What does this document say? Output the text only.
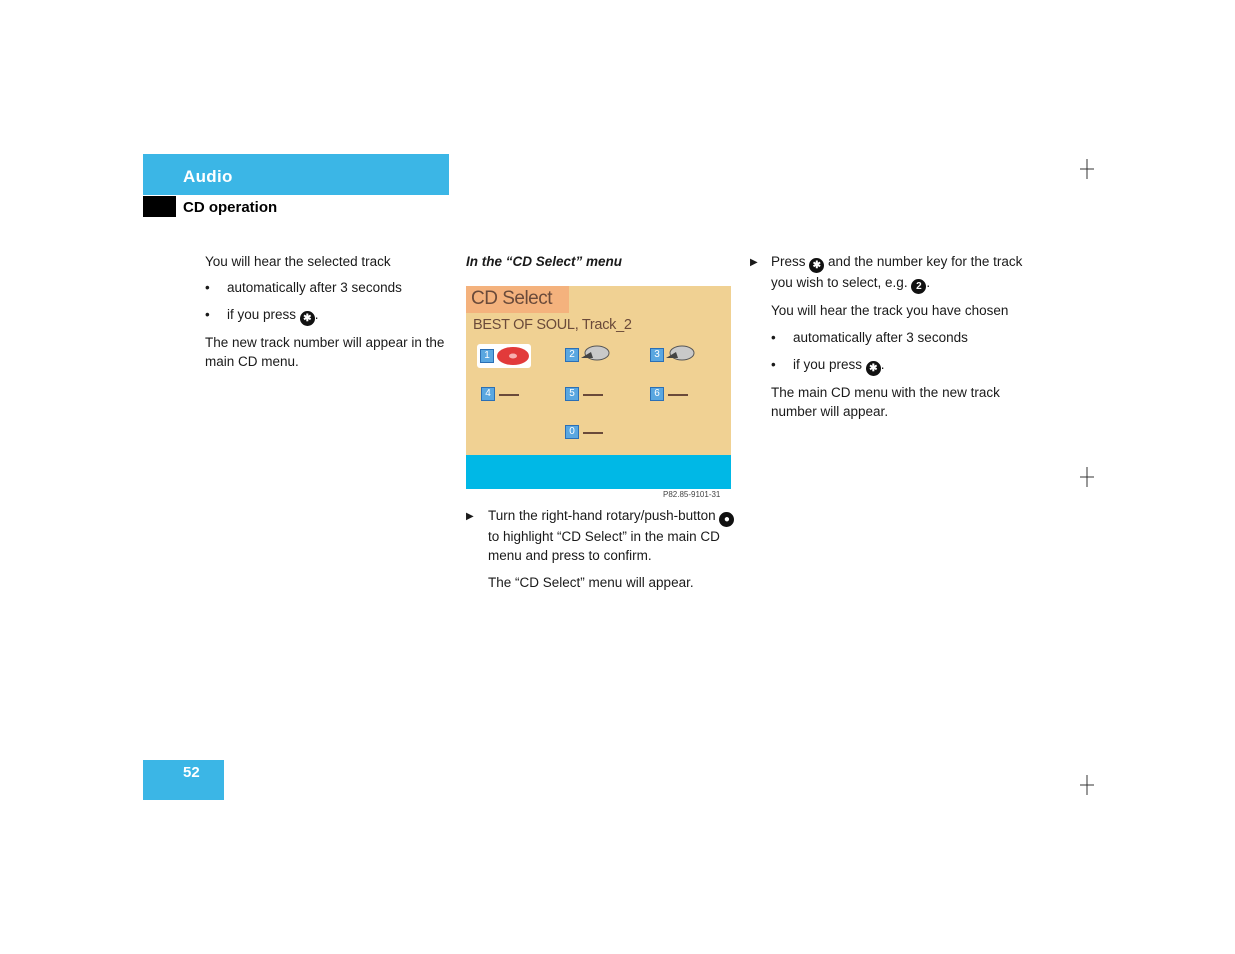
Audio
CD operation
You will hear the selected track
• automatically after 3 seconds
• if you press ✱ .
The new track number will appear in the main CD menu.
In the “CD Select” menu
CD Select
BEST OF SOUL, Track_2
1	2	3
4	5	6
0
P82.85-9101-31
▶ Turn the right-hand rotary/push-button ● to highlight “CD Select” in the main CD menu and press to confirm.
The “CD Select” menu will appear.
▶ Press ✱ and the number key for the track you wish to select, e.g. 2 .
You will hear the track you have chosen
• automatically after 3 seconds
• if you press ✱ .
The main CD menu with the new track number will appear.
52
